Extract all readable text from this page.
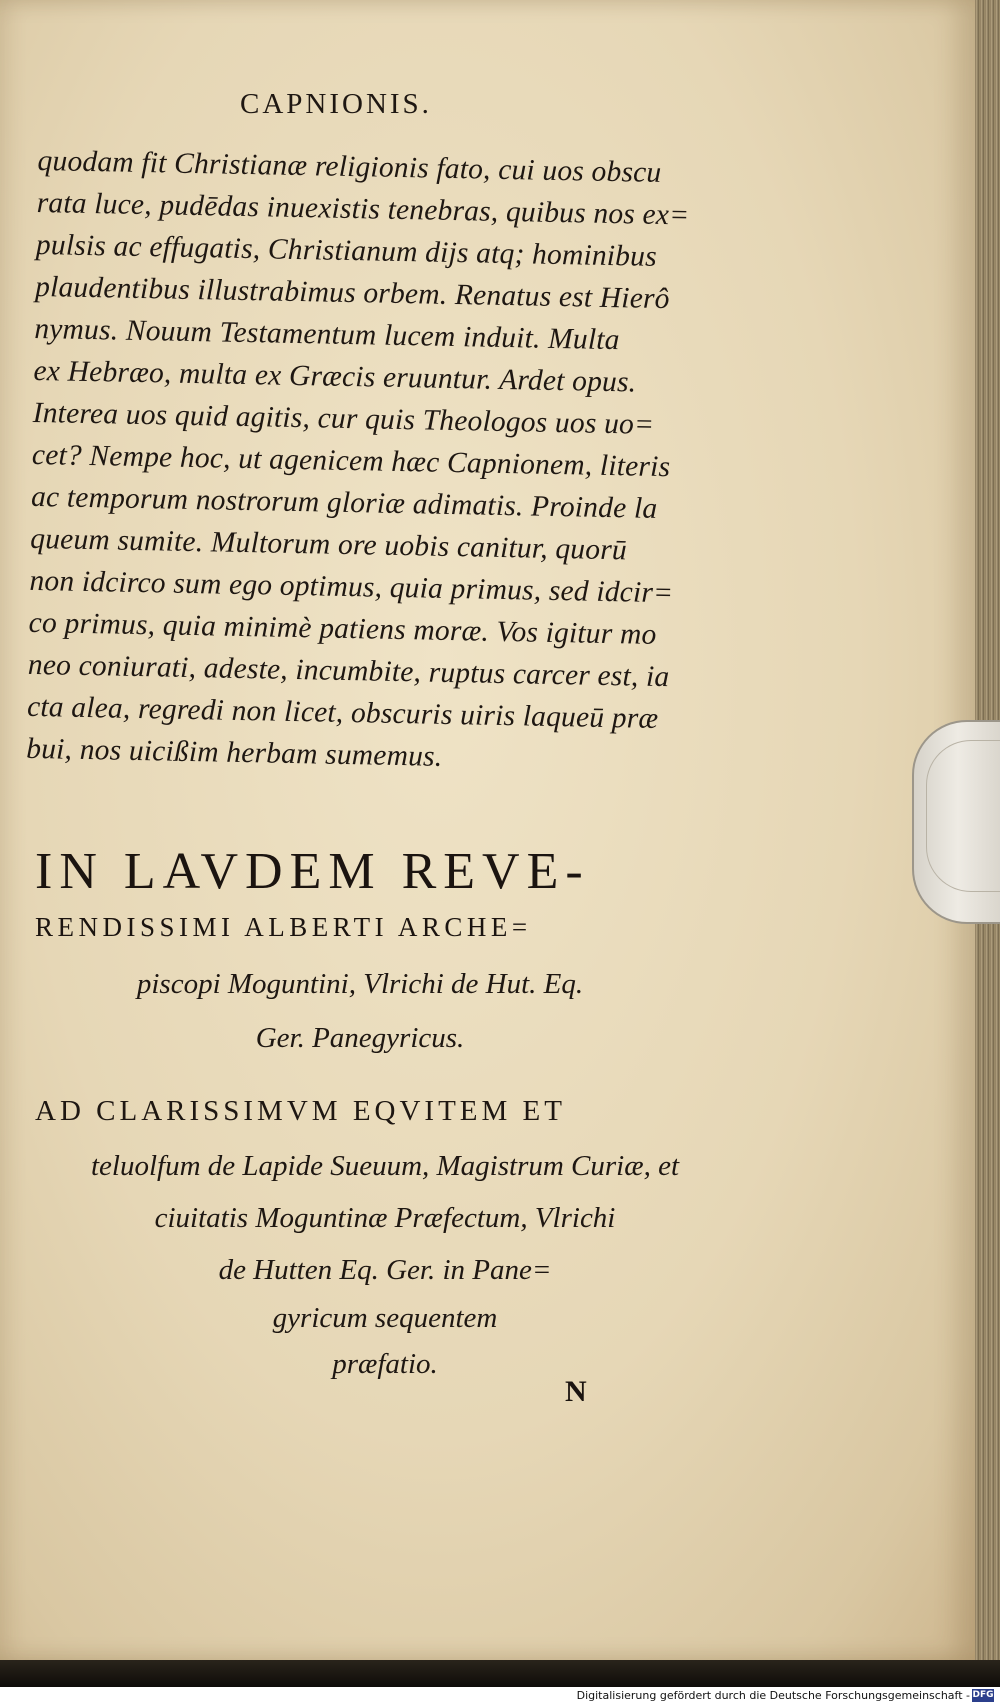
CAPNIONIS.
quodam fit Christianæ religionis fato, cui uos obscu
rata luce, pudēdas inuexistis tenebras, quibus nos ex=
pulsis ac effugatis, Christianum dijs atq; hominibus
plaudentibus illustrabimus orbem. Renatus est Hierô
nymus. Nouum Testamentum lucem induit. Multa
ex Hebræo, multa ex Græcis eruuntur. Ardet opus.
Interea uos quid agitis, cur quis Theologos uos uo=
cet? Nempe hoc, ut agenicem hæc Capnionem, literis
ac temporum nostrorum gloriæ adimatis. Proinde la
queum sumite. Multorum ore uobis canitur, quorū
non idcirco sum ego optimus, quia primus, sed idcir=
co primus, quia minimè patiens moræ. Vos igitur mo
neo coniurati, adeste, incumbite, ruptus carcer est, ia
cta alea, regredi non licet, obscuris uiris laqueū præ
bui, nos uicißim herbam sumemus.
IN LAVDEM REVE-
RENDISSIMI ALBERTI ARCHE=
piscopi Moguntini, Vlrichi de Hut. Eq.
Ger. Panegyricus.
AD CLARISSIMVM EQVITEM ET
teluolfum de Lapide Sueuum, Magistrum Curiæ, et
ciuitatis Moguntinæ Præfectum, Vlrichi
de Hutten Eq. Ger. in Pane=
gyricum sequentem
præfatio.
N
Digitalisierung gefördert durch die Deutsche Forschungsgemeinschaft - DFG
